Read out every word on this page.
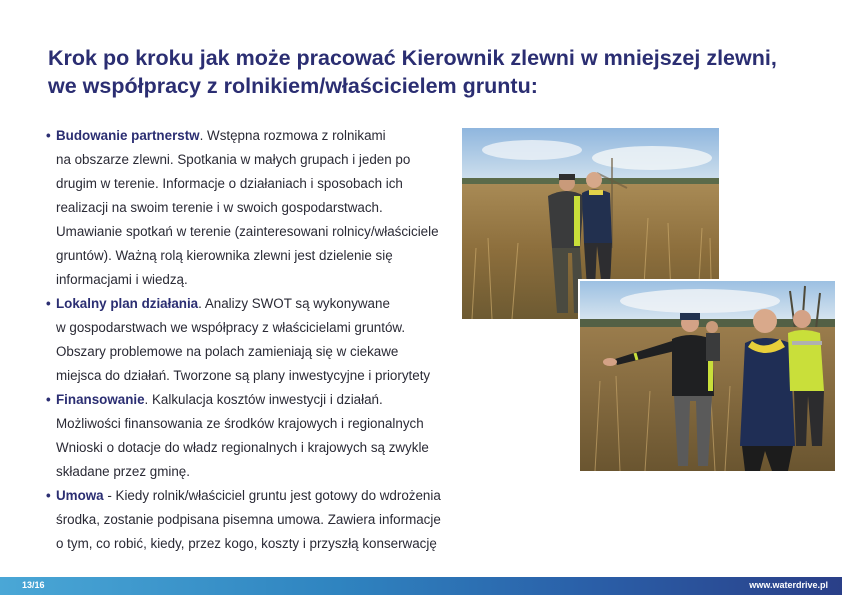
Krok po kroku jak może pracować Kierownik zlewni w mniejszej zlewni,
we współpracy z rolnikiem/właścicielem gruntu:
• Budowanie partnerstw. Wstępna rozmowa z rolnikami
na obszarze zlewni. Spotkania w małych grupach i jeden po
drugim w terenie. Informacje o działaniach i sposobach ich
realizacji na swoim terenie i w swoich gospodarstwach.
Umawianie spotkań w terenie (zainteresowani rolnicy/właściciele
gruntów). Ważną rolą kierownika zlewni jest dzielenie się
informacjami i wiedzą.
• Lokalny plan działania. Analizy SWOT są wykonywane
w gospodarstwach we współpracy z właścicielami gruntów.
Obszary problemowe na polach zamieniają się w ciekawe
miejsca do działań. Tworzone są plany inwestycyjne i priorytety
• Finansowanie. Kalkulacja kosztów inwestycji i działań.
Możliwości finansowania ze środków krajowych i regionalnych
Wnioski o dotacje do władz regionalnych i krajowych są zwykle
składane przez gminę.
• Umowa - Kiedy rolnik/właściciel gruntu jest gotowy do wdrożenia
środka, zostanie podpisana pisemna umowa. Zawiera informacje
o tym, co robić, kiedy, przez kogo, koszty i przyszłą konserwację
13/16	www.waterdrive.pl
